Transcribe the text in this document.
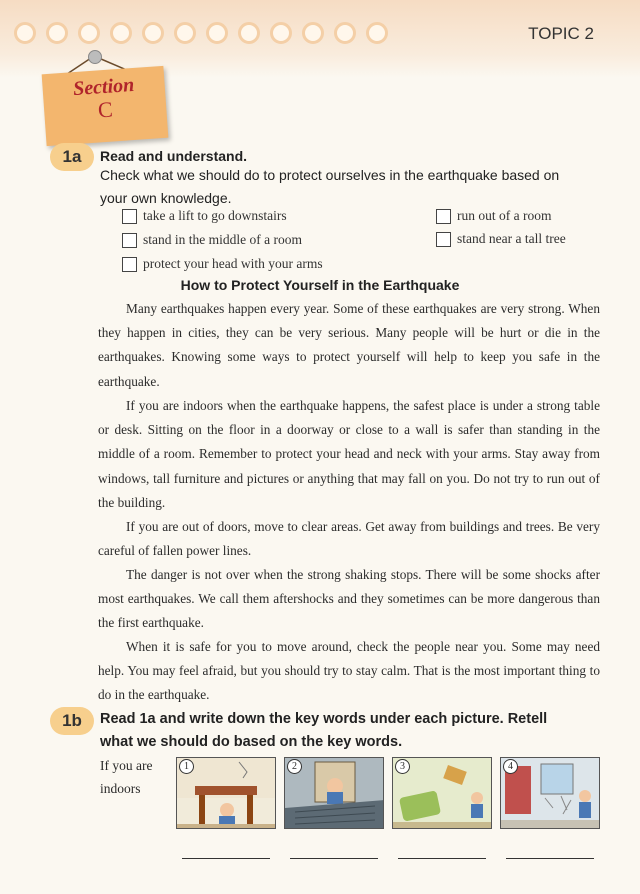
TOPIC 2
Section
C
1a	Read and understand.
Check what we should do to protect ourselves in the earthquake based on
your own knowledge.
take a lift to go downstairs	run out of a room
stand in the middle of a room	stand near a tall tree
protect your head with your arms
How to Protect Yourself in the Earthquake

Many earthquakes happen every year. Some of these earthquakes are very strong. When they happen in cities, they can be very serious. Many people will be hurt or die in the earthquakes. Knowing some ways to protect yourself will help to keep you safe in the earthquake.

If you are indoors when the earthquake happens, the safest place is under a strong table or desk. Sitting on the floor in a doorway or close to a wall is safer than standing in the middle of a room. Remember to protect your head and neck with your arms. Stay away from windows, tall furniture and pictures or anything that may fall on you. Do not try to run out of the building.

If you are out of doors, move to clear areas. Get away from buildings and trees. Be very careful of fallen power lines.

The danger is not over when the strong shaking stops. There will be some shocks after most earthquakes. We call them aftershocks and they sometimes can be more dangerous than the first earthquake.

When it is safe for you to move around, check the people near you. Some may need help. You may feel afraid, but you should try to stay calm. That is the most important thing to do in the earthquake.

1b	Read 1a and write down the key words under each picture. Retell
what we should do based on the key words.
If you are
indoors
1	2	3	4
